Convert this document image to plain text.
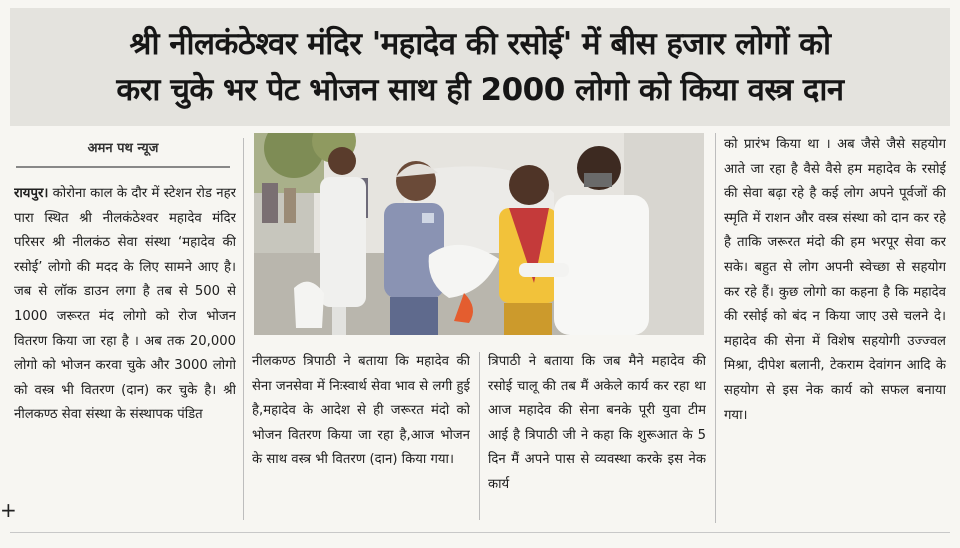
श्री नीलकंठेश्वर मंदिर 'महादेव की रसोई' में बीस हजार लोगों को
करा चुके भर पेट भोजन साथ ही 2000 लोगो को किया वस्त्र दान
अमन पथ न्यूज
रायपुर। कोरोना काल के दौर में स्टेशन रोड नहर पारा स्थित श्री नीलकंठेश्वर महादेव मंदिर परिसर श्री नीलकंठ सेवा संस्था ‘महादेव की रसोई’ लोगो की मदद के लिए सामने आए है। जब से लॉक डाउन लगा है तब से 500 से 1000 जरूरत मंद लोगो को रोज भोजन वितरण किया जा रहा है । अब तक 20,000 लोगो को भोजन करवा चुके और 3000 लोगो को वस्त्र भी वितरण (दान) कर चुके है। श्री नीलकण्ठ सेवा संस्था के संस्थापक पंडित
नीलकण्ठ त्रिपाठी ने बताया कि महादेव की सेना जनसेवा में निःस्वार्थ सेवा भाव से लगी हुई है,महादेव के आदेश से ही जरूरत मंदो को भोजन वितरण किया जा रहा है,आज भोजन के साथ वस्त्र भी वितरण (दान) किया गया।
त्रिपाठी ने बताया कि जब मैने महादेव की रसोई चालू की तब मैं अकेले कार्य कर रहा था आज महादेव की सेना बनके पूरी युवा टीम आई है त्रिपाठी जी ने कहा कि शुरूआत के 5 दिन मैं अपने पास से व्यवस्था करके इस नेक कार्य
को प्रारंभ किया था । अब जैसे जैसे सहयोग आते जा रहा है वैसे वैसे हम महादेव के रसोई की सेवा बढ़ा रहे है कई लोग अपने पूर्वजों की स्मृति में राशन और वस्त्र संस्था को दान कर रहे है ताकि जरूरत मंदो की हम भरपूर सेवा कर सके। बहुत से लोग अपनी स्वेच्छा से सहयोग कर रहे हैं। कुछ लोगो का कहना है कि महादेव की रसोई को बंद न किया जाए उसे चलने दे। महादेव की सेना में विशेष सहयोगी उज्ज्वल मिश्रा, दीपेश बलानी, टेकराम देवांगन आदि के सहयोग से इस नेक कार्य को सफल बनाया गया।
+
